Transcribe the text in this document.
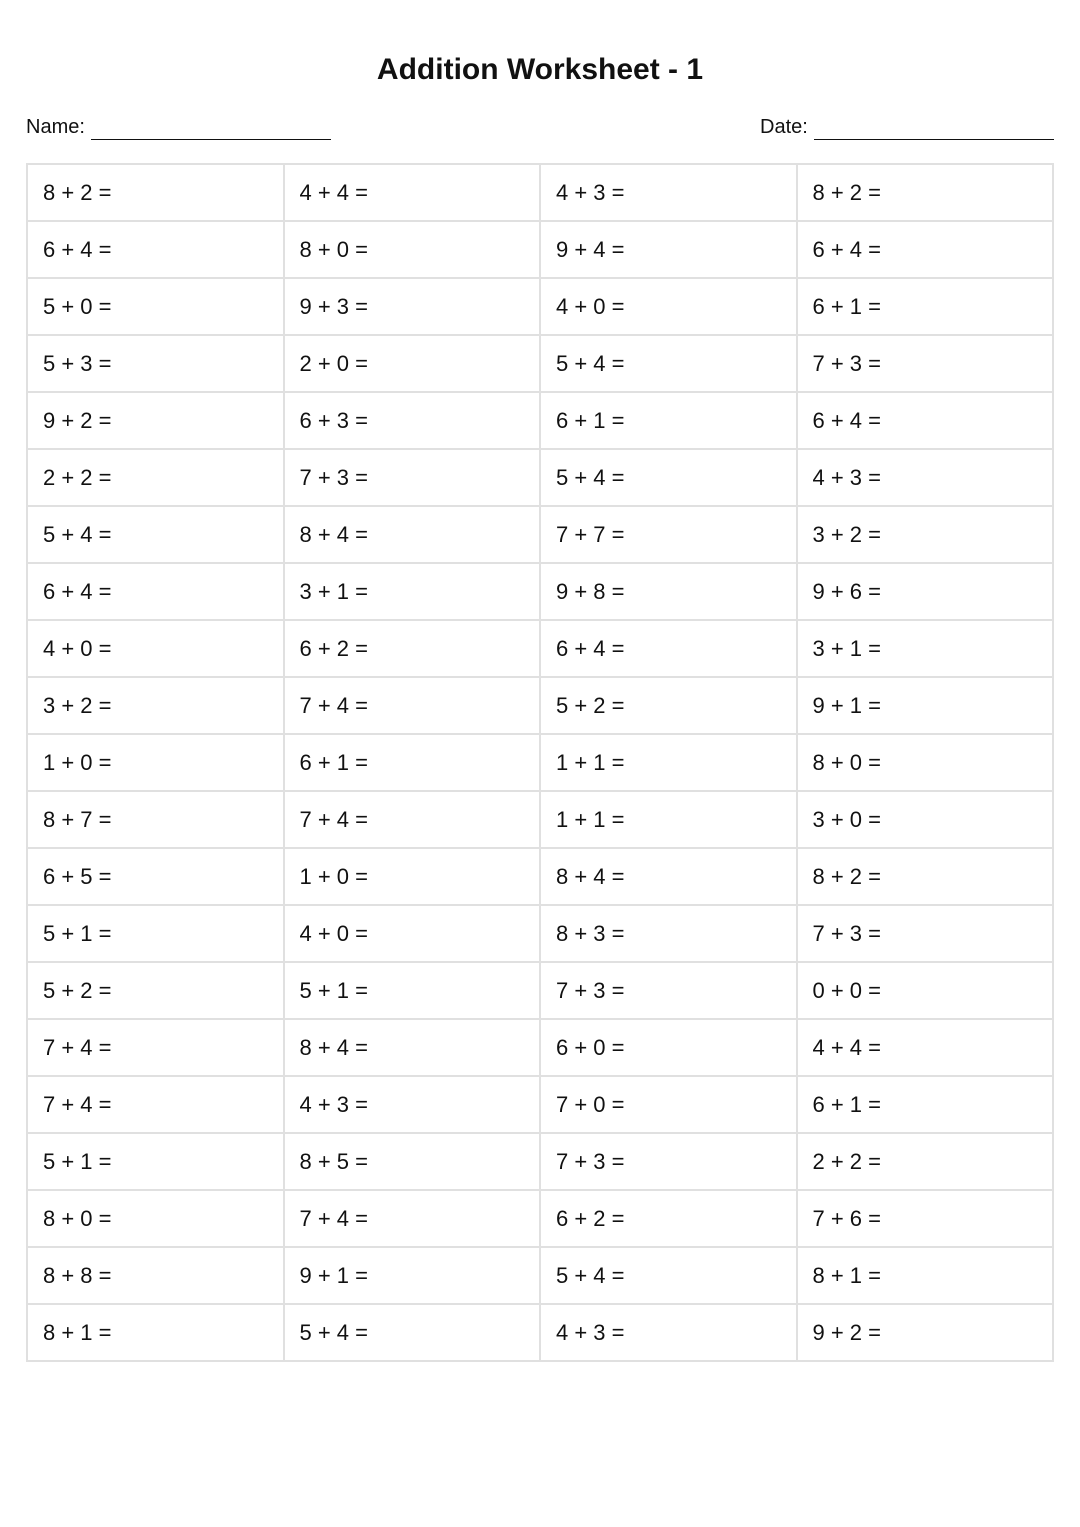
Addition Worksheet - 1
Name:	Date:
8 + 2 =	4 + 4 =	4 + 3 =	8 + 2 =
6 + 4 =	8 + 0 =	9 + 4 =	6 + 4 =
5 + 0 =	9 + 3 =	4 + 0 =	6 + 1 =
5 + 3 =	2 + 0 =	5 + 4 =	7 + 3 =
9 + 2 =	6 + 3 =	6 + 1 =	6 + 4 =
2 + 2 =	7 + 3 =	5 + 4 =	4 + 3 =
5 + 4 =	8 + 4 =	7 + 7 =	3 + 2 =
6 + 4 =	3 + 1 =	9 + 8 =	9 + 6 =
4 + 0 =	6 + 2 =	6 + 4 =	3 + 1 =
3 + 2 =	7 + 4 =	5 + 2 =	9 + 1 =
1 + 0 =	6 + 1 =	1 + 1 =	8 + 0 =
8 + 7 =	7 + 4 =	1 + 1 =	3 + 0 =
6 + 5 =	1 + 0 =	8 + 4 =	8 + 2 =
5 + 1 =	4 + 0 =	8 + 3 =	7 + 3 =
5 + 2 =	5 + 1 =	7 + 3 =	0 + 0 =
7 + 4 =	8 + 4 =	6 + 0 =	4 + 4 =
7 + 4 =	4 + 3 =	7 + 0 =	6 + 1 =
5 + 1 =	8 + 5 =	7 + 3 =	2 + 2 =
8 + 0 =	7 + 4 =	6 + 2 =	7 + 6 =
8 + 8 =	9 + 1 =	5 + 4 =	8 + 1 =
8 + 1 =	5 + 4 =	4 + 3 =	9 + 2 =
